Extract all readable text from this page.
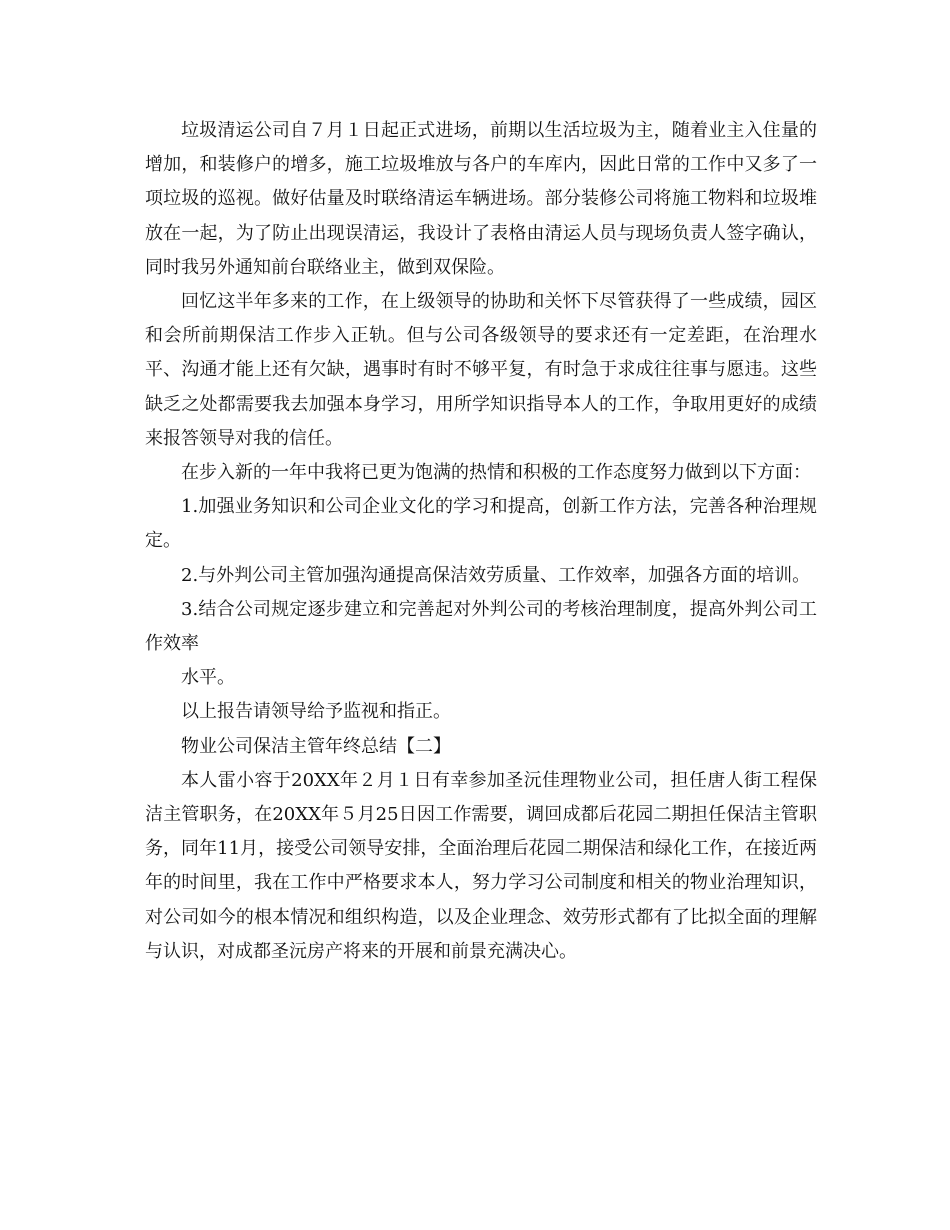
垃圾清运公司自７月１日起正式进场，前期以生活垃圾为主，随着业主入住量的增加，和装修户的增多，施工垃圾堆放与各户的车库内，因此日常的工作中又多了一项垃圾的巡视。做好估量及时联络清运车辆进场。部分装修公司将施工物料和垃圾堆放在一起，为了防止出现误清运，我设计了表格由清运人员与现场负责人签字确认，同时我另外通知前台联络业主，做到双保险。

回忆这半年多来的工作，在上级领导的协助和关怀下尽管获得了一些成绩，园区和会所前期保洁工作步入正轨。但与公司各级领导的要求还有一定差距，在治理水平、沟通才能上还有欠缺，遇事时有时不够平复，有时急于求成往往事与愿违。这些缺乏之处都需要我去加强本身学习，用所学知识指导本人的工作，争取用更好的成绩来报答领导对我的信任。

在步入新的一年中我将已更为饱满的热情和积极的工作态度努力做到以下方面：

1.加强业务知识和公司企业文化的学习和提高，创新工作方法，完善各种治理规定。

2.与外判公司主管加强沟通提高保洁效劳质量、工作效率，加强各方面的培训。

3.结合公司规定逐步建立和完善起对外判公司的考核治理制度，提高外判公司工作效率

水平。

以上报告请领导给予监视和指正。

物业公司保洁主管年终总结【二】

本人雷小容于20XX年２月１日有幸参加圣沅佳理物业公司，担任唐人街工程保洁主管职务，在20XX年５月25日因工作需要，调回成都后花园二期担任保洁主管职务，同年11月，接受公司领导安排，全面治理后花园二期保洁和绿化工作，在接近两年的时间里，我在工作中严格要求本人，努力学习公司制度和相关的物业治理知识，对公司如今的根本情况和组织构造，以及企业理念、效劳形式都有了比拟全面的理解与认识，对成都圣沅房产将来的开展和前景充满决心。
